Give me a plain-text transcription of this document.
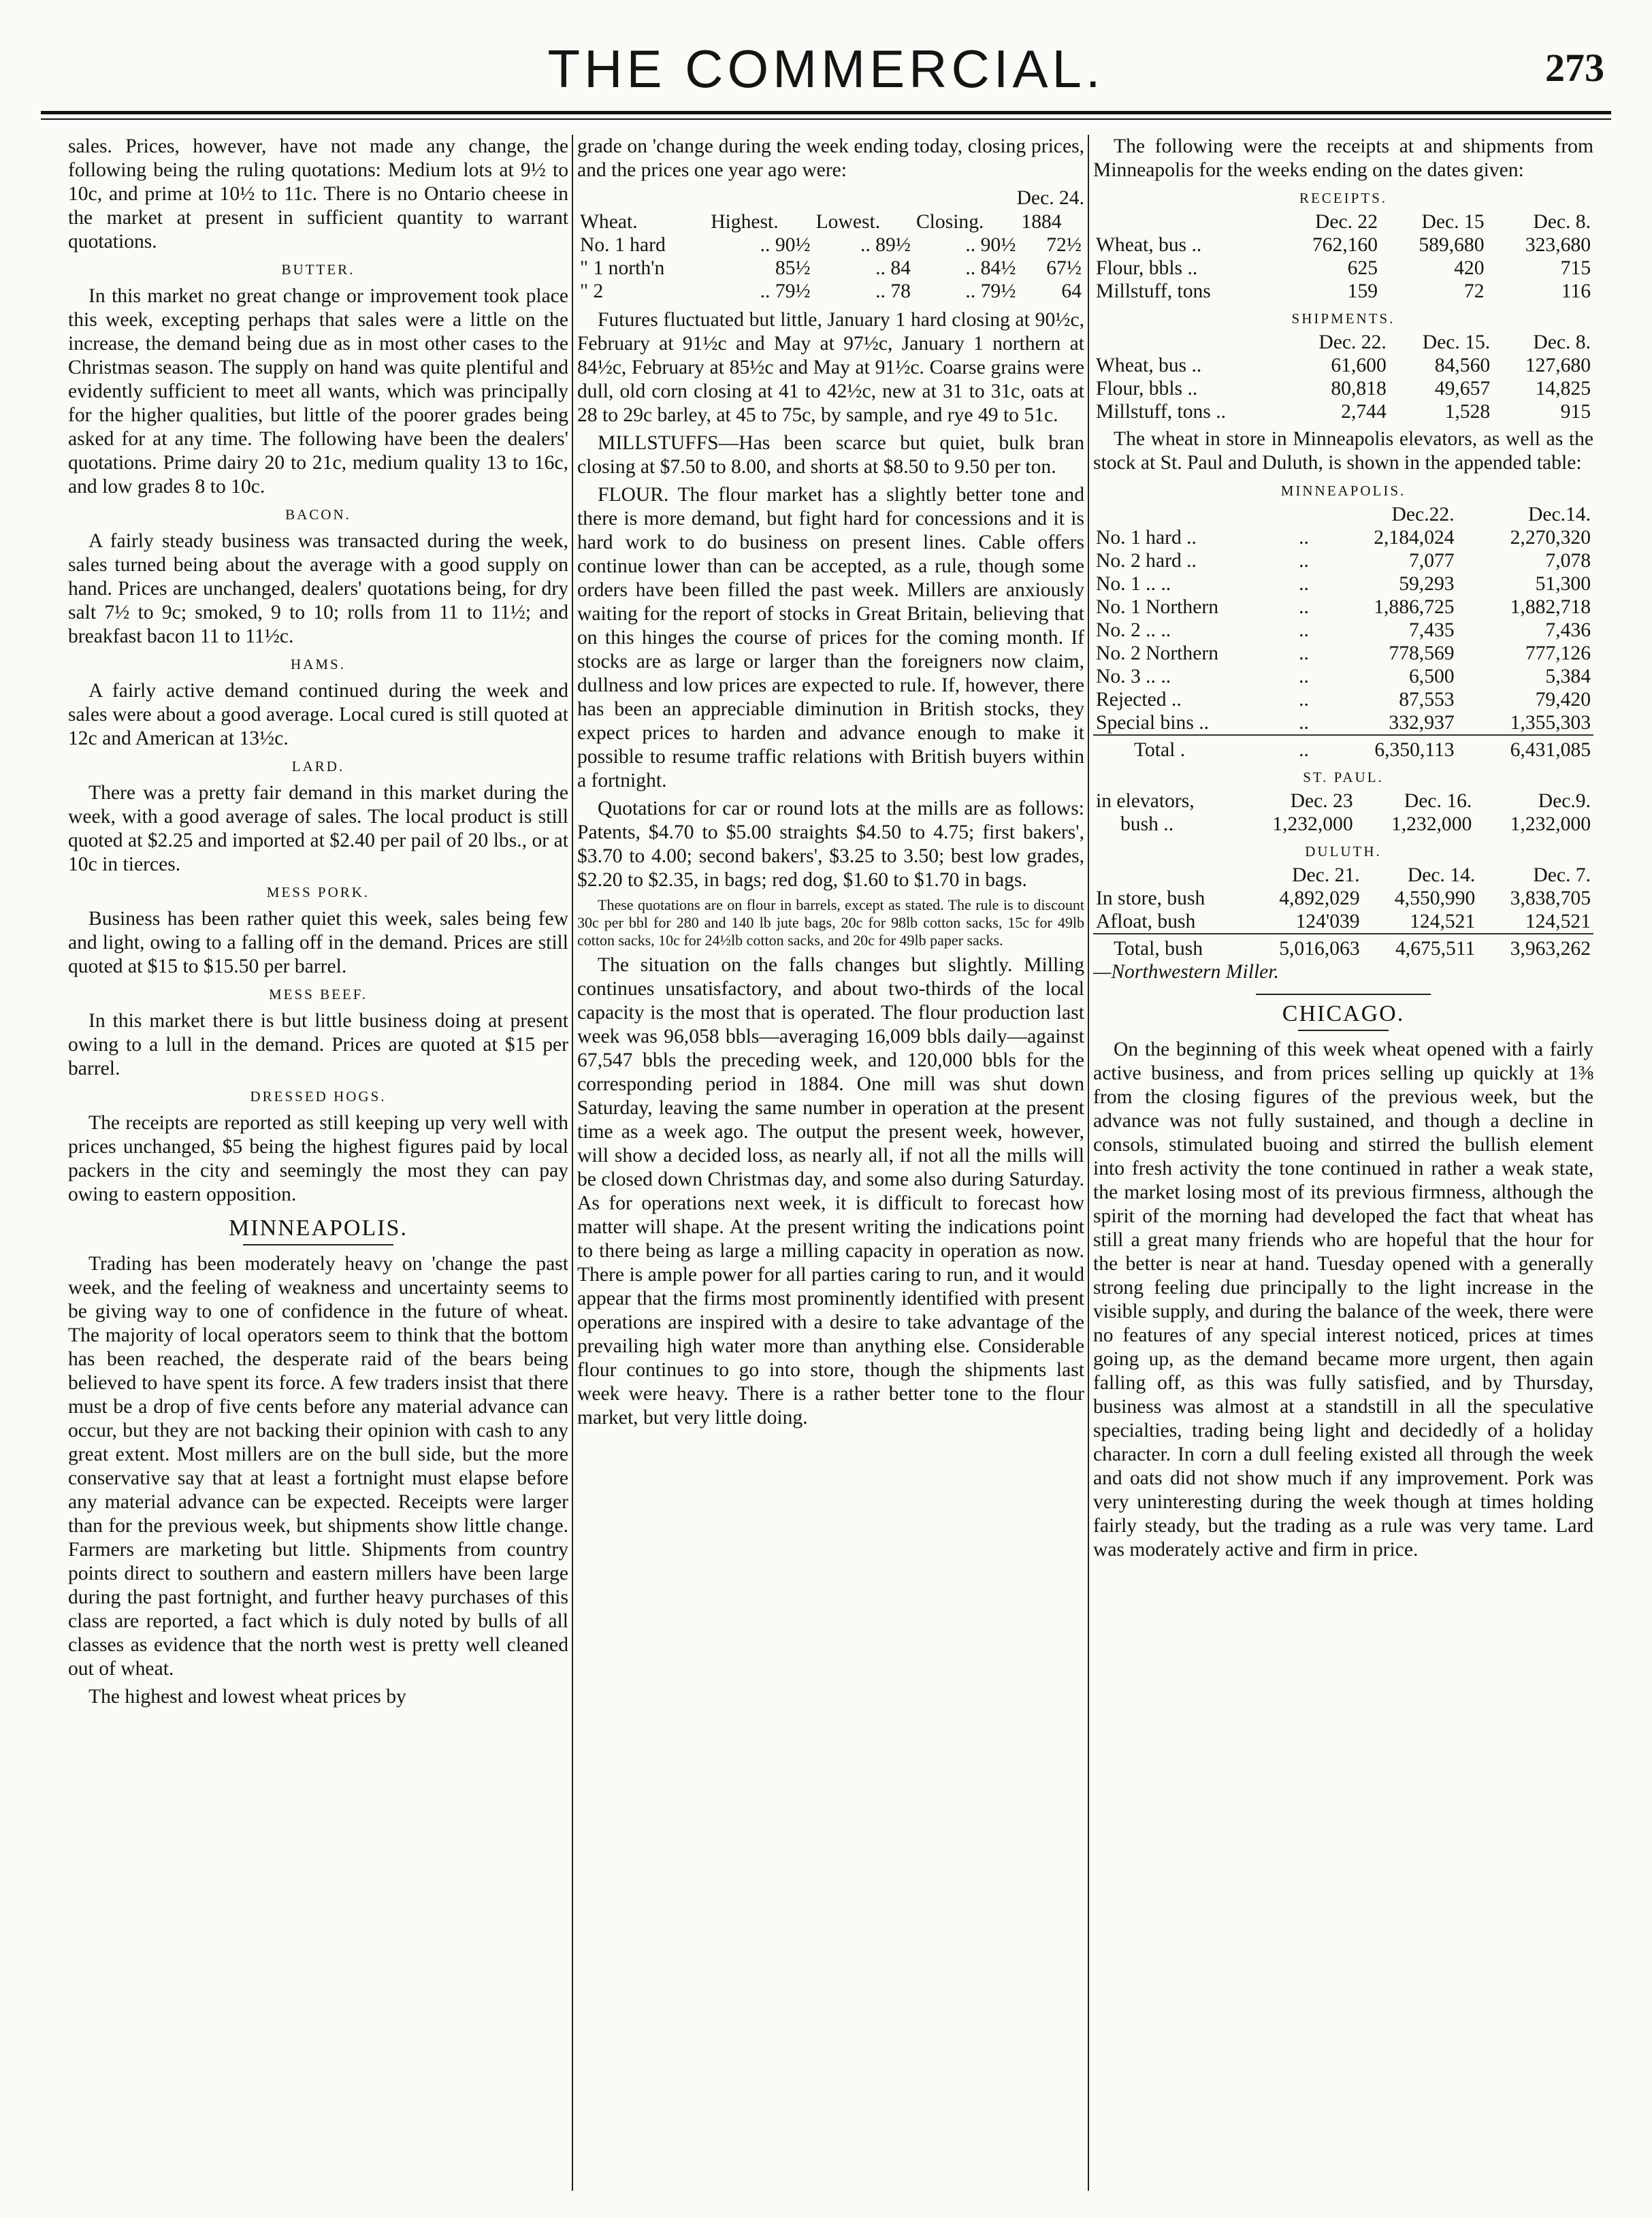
THE COMMERCIAL.	273

sales. Prices, however, have not made any change, the following being the ruling quotations: Medium lots at 9½ to 10c, and prime at 10½ to 11c. There is no Ontario cheese in the market at present in sufficient quantity to warrant quotations.

BUTTER.

In this market no great change or improvement took place this week, excepting perhaps that sales were a little on the increase, the demand being due as in most other cases to the Christmas season. The supply on hand was quite plentiful and evidently sufficient to meet all wants, which was principally for the higher qualities, but little of the poorer grades being asked for at any time. The following have been the dealers' quotations. Prime dairy 20 to 21c, medium quality 13 to 16c, and low grades 8 to 10c.

BACON.

A fairly steady business was transacted during the week, sales turned being about the average with a good supply on hand. Prices are unchanged, dealers' quotations being, for dry salt 7½ to 9c; smoked, 9 to 10; rolls from 11 to 11½; and breakfast bacon 11 to 11½c.

HAMS.

A fairly active demand continued during the week and sales were about a good average. Local cured is still quoted at 12c and American at 13½c.

LARD.

There was a pretty fair demand in this market during the week, with a good average of sales. The local product is still quoted at $2.25 and imported at $2.40 per pail of 20 lbs., or at 10c in tierces.

MESS PORK.

Business has been rather quiet this week, sales being few and light, owing to a falling off in the demand. Prices are still quoted at $15 to $15.50 per barrel.

MESS BEEF.

In this market there is but little business doing at present owing to a lull in the demand. Prices are quoted at $15 per barrel.

DRESSED HOGS.

The receipts are reported as still keeping up very well with prices unchanged, $5 being the highest figures paid by local packers in the city and seemingly the most they can pay owing to eastern opposition.

MINNEAPOLIS.

Trading has been moderately heavy on 'change the past week, and the feeling of weakness and uncertainty seems to be giving way to one of confidence in the future of wheat. The majority of local operators seem to think that the bottom has been reached, the desperate raid of the bears being believed to have spent its force. A few traders insist that there must be a drop of five cents before any material advance can occur, but they are not backing their opinion with cash to any great extent. Most millers are on the bull side, but the more conservative say that at least a fortnight must elapse before any material advance can be expected. Receipts were larger than for the previous week, but shipments show little change. Farmers are marketing but little. Shipments from country points direct to southern and eastern millers have been large during the past fortnight, and further heavy purchases of this class are reported, a fact which is duly noted by bulls of all classes as evidence that the north west is pretty well cleaned out of wheat.

The highest and lowest wheat prices by

grade on 'change during the week ending today, closing prices, and the prices one year ago were:

Dec. 24.
Wheat.	Highest.	Lowest.	Closing.	1884
No. 1 hard	.. 90½	.. 89½	.. 90½	72½
" 1 north'n	85½	.. 84	.. 84½	67½
" 2	.. 79½	.. 78	.. 79½	64

Futures fluctuated but little, January 1 hard closing at 90½c, February at 91½c and May at 97½c, January 1 northern at 84½c, February at 85½c and May at 91½c. Coarse grains were dull, old corn closing at 41 to 42½c, new at 31 to 31c, oats at 28 to 29c barley, at 45 to 75c, by sample, and rye 49 to 51c.

MILLSTUFFS—Has been scarce but quiet, bulk bran closing at $7.50 to 8.00, and shorts at $8.50 to 9.50 per ton.

FLOUR. The flour market has a slightly better tone and there is more demand, but fight hard for concessions and it is hard work to do business on present lines. Cable offers continue lower than can be accepted, as a rule, though some orders have been filled the past week. Millers are anxiously waiting for the report of stocks in Great Britain, believing that on this hinges the course of prices for the coming month. If stocks are as large or larger than the foreigners now claim, dullness and low prices are expected to rule. If, however, there has been an appreciable diminution in British stocks, they expect prices to harden and advance enough to make it possible to resume traffic relations with British buyers within a fortnight.

Quotations for car or round lots at the mills are as follows: Patents, $4.70 to $5.00 straights $4.50 to 4.75; first bakers', $3.70 to 4.00; second bakers', $3.25 to 3.50; best low grades, $2.20 to $2.35, in bags; red dog, $1.60 to $1.70 in bags.

These quotations are on flour in barrels, except as stated. The rule is to discount 30c per bbl for 280 and 140 lb jute bags, 20c for 98lb cotton sacks, 15c for 49lb cotton sacks, 10c for 24½lb cotton sacks, and 20c for 49lb paper sacks.

The situation on the falls changes but slightly. Milling continues unsatisfactory, and about two-thirds of the local capacity is the most that is operated. The flour production last week was 96,058 bbls—averaging 16,009 bbls daily—against 67,547 bbls the preceding week, and 120,000 bbls for the corresponding period in 1884. One mill was shut down Saturday, leaving the same number in operation at the present time as a week ago. The output the present week, however, will show a decided loss, as nearly all, if not all the mills will be closed down Christmas day, and some also during Saturday. As for operations next week, it is difficult to forecast how matter will shape. At the present writing the indications point to there being as large a milling capacity in operation as now. There is ample power for all parties caring to run, and it would appear that the firms most prominently identified with present operations are inspired with a desire to take advantage of the prevailing high water more than anything else. Considerable flour continues to go into store, though the shipments last week were heavy. There is a rather better tone to the flour market, but very little doing.

The following were the receipts at and shipments from Minneapolis for the weeks ending on the dates given:

RECEIPTS.
	Dec. 22	Dec. 15	Dec. 8.
Wheat, bus ..	762,160	589,680	323,680
Flour, bbls ..	625	420	715
Millstuff, tons	159	72	116
SHIPMENTS.
	Dec. 22.	Dec. 15.	Dec. 8.
Wheat, bus ..	61,600	84,560	127,680
Flour, bbls ..	80,818	49,657	14,825
Millstuff, tons ..	2,744	1,528	915

The wheat in store in Minneapolis elevators, as well as the stock at St. Paul and Duluth, is shown in the appended table:

MINNEAPOLIS.
		Dec.22.	Dec.14.
No. 1 hard ..	..	2,184,024	2,270,320
No. 2 hard ..	..	7,077	7,078
No. 1 .. ..	..	59,293	51,300
No. 1 Northern	..	1,886,725	1,882,718
No. 2 .. ..	..	7,435	7,436
No. 2 Northern	..	778,569	777,126
No. 3 .. ..	..	6,500	5,384
Rejected ..	..	87,553	79,420
Special bins ..	..	332,937	1,355,303
Total .	..	6,350,113	6,431,085
ST. PAUL.
in elevators,	Dec. 23	Dec. 16.	Dec.9.
bush ..	1,232,000	1,232,000	1,232,000
DULUTH.
	Dec. 21.	Dec. 14.	Dec. 7.
In store, bush	4,892,029	4,550,990	3,838,705
Afloat, bush	124'039	124,521	124,521
Total, bush	5,016,063	4,675,511	3,963,262
—Northwestern Miller.
CHICAGO.

On the beginning of this week wheat opened with a fairly active business, and from prices selling up quickly at 1⅜ from the closing figures of the previous week, but the advance was not fully sustained, and though a decline in consols, stimulated buoing and stirred the bullish element into fresh activity the tone continued in rather a weak state, the market losing most of its previous firmness, although the spirit of the morning had developed the fact that wheat has still a great many friends who are hopeful that the hour for the better is near at hand. Tuesday opened with a generally strong feeling due principally to the light increase in the visible supply, and during the balance of the week, there were no features of any special interest noticed, prices at times going up, as the demand became more urgent, then again falling off, as this was fully satisfied, and by Thursday, business was almost at a standstill in all the speculative specialties, trading being light and decidedly of a holiday character. In corn a dull feeling existed all through the week and oats did not show much if any improvement. Pork was very uninteresting during the week though at times holding fairly steady, but the trading as a rule was very tame. Lard was moderately active and firm in price.
